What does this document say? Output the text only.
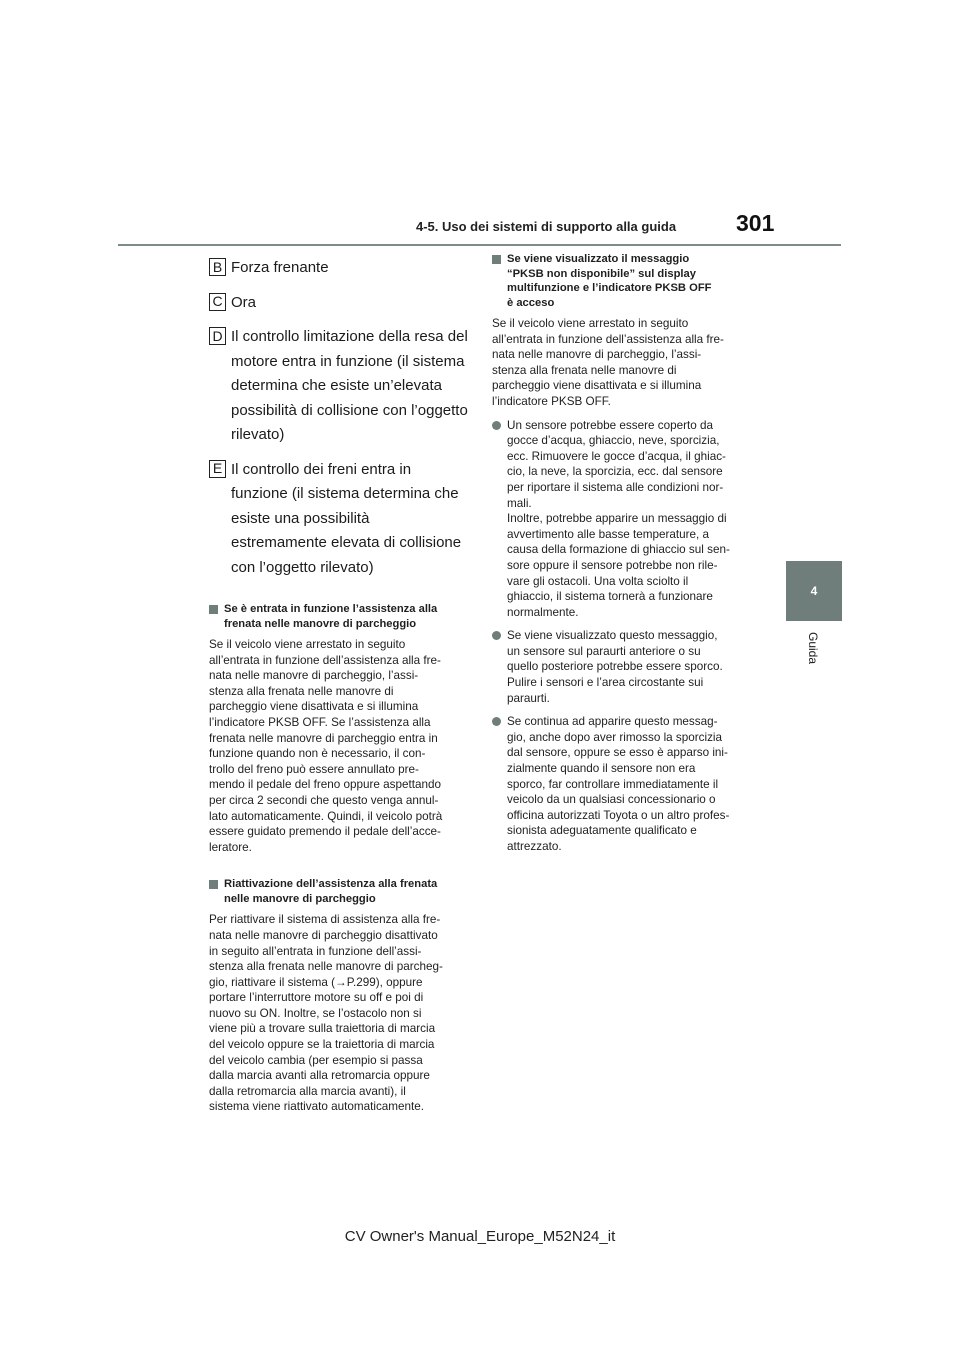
4-5. Uso dei sistemi di supporto alla guida	301
4
Guida
B Forza frenante
C Ora
D Il controllo limitazione della resa del motore entra in funzione (il sistema determina che esiste un’elevata possibilità di collisione con l’oggetto rilevato)
E Il controllo dei freni entra in funzione (il sistema determina che esiste una possibilità estremamente elevata di collisione con l’oggetto rilevato)
Se è entrata in funzione l’assistenza alla
frenata nelle manovre di parcheggio
Se il veicolo viene arrestato in seguito
all’entrata in funzione dell’assistenza alla fre-
nata nelle manovre di parcheggio, l’assi-
stenza alla frenata nelle manovre di
parcheggio viene disattivata e si illumina
l’indicatore PKSB OFF. Se l’assistenza alla
frenata nelle manovre di parcheggio entra in
funzione quando non è necessario, il con-
trollo del freno può essere annullato pre-
mendo il pedale del freno oppure aspettando
per circa 2 secondi che questo venga annul-
lato automaticamente. Quindi, il veicolo potrà
essere guidato premendo il pedale dell’acce-
leratore.
Riattivazione dell’assistenza alla frenata
nelle manovre di parcheggio
Per riattivare il sistema di assistenza alla fre-
nata nelle manovre di parcheggio disattivato
in seguito all’entrata in funzione dell’assi-
stenza alla frenata nelle manovre di parcheg-
gio, riattivare il sistema (→P.299), oppure
portare l’interruttore motore su off e poi di
nuovo su ON. Inoltre, se l’ostacolo non si
viene più a trovare sulla traiettoria di marcia
del veicolo oppure se la traiettoria di marcia
del veicolo cambia (per esempio si passa
dalla marcia avanti alla retromarcia oppure
dalla retromarcia alla marcia avanti), il
sistema viene riattivato automaticamente.
Se viene visualizzato il messaggio
“PKSB non disponibile” sul display
multifunzione e l’indicatore PKSB OFF
è acceso
Se il veicolo viene arrestato in seguito
all’entrata in funzione dell’assistenza alla fre-
nata nelle manovre di parcheggio, l’assi-
stenza alla frenata nelle manovre di
parcheggio viene disattivata e si illumina
l’indicatore PKSB OFF.
Un sensore potrebbe essere coperto da
gocce d’acqua, ghiaccio, neve, sporcizia,
ecc. Rimuovere le gocce d’acqua, il ghiac-
cio, la neve, la sporcizia, ecc. dal sensore
per riportare il sistema alle condizioni nor-
mali.
Inoltre, potrebbe apparire un messaggio di
avvertimento alle basse temperature, a
causa della formazione di ghiaccio sul sen-
sore oppure il sensore potrebbe non rile-
vare gli ostacoli. Una volta sciolto il
ghiaccio, il sistema tornerà a funzionare
normalmente.
Se viene visualizzato questo messaggio,
un sensore sul paraurti anteriore o su
quello posteriore potrebbe essere sporco.
Pulire i sensori e l’area circostante sui
paraurti.
Se continua ad apparire questo messag-
gio, anche dopo aver rimosso la sporcizia
dal sensore, oppure se esso è apparso ini-
zialmente quando il sensore non era
sporco, far controllare immediatamente il
veicolo da un qualsiasi concessionario o
officina autorizzati Toyota o un altro profes-
sionista adeguatamente qualificato e
attrezzato.
CV Owner's Manual_Europe_M52N24_it
